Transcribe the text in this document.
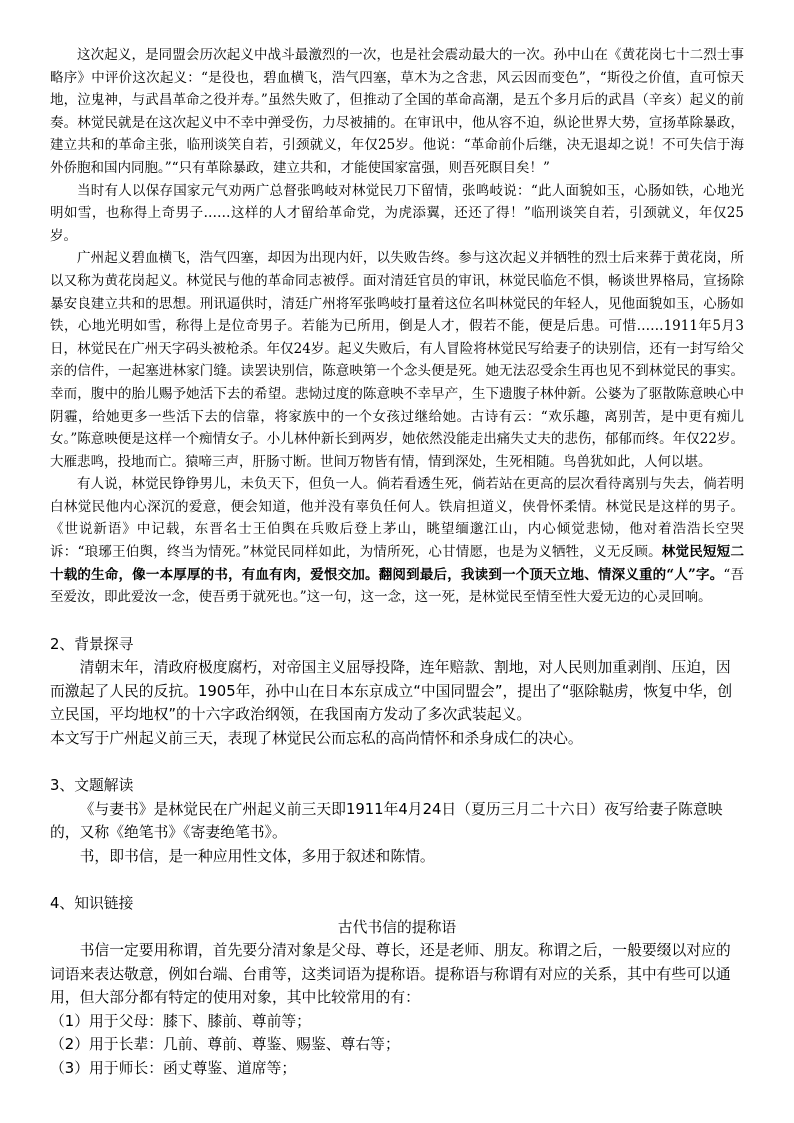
这次起义，是同盟会历次起义中战斗最激烈的一次，也是社会震动最大的一次。孙中山在《黄花岗七十二烈士事略序》中评价这次起义：“是役也，碧血横飞，浩气四塞，草木为之含悲，风云因而变色”，“斯役之价值，直可惊天地，泣鬼神，与武昌革命之役并寿。”虽然失败了，但推动了全国的革命高潮，是五个多月后的武昌（辛亥）起义的前奏。林觉民就是在这次起义中不幸中弹受伤，力尽被捕的。在审讯中，他从容不迫，纵论世界大势，宣扬革除暴政，建立共和的革命主张，临刑谈笑自若，引颈就义，年仅25岁。他说：“革命前仆后继，决无退却之说！不可失信于海外侨胞和国内同胞。”“只有革除暴政，建立共和，才能使国家富强，则吾死瞑目矣！”

当时有人以保存国家元气劝两广总督张鸣岐对林觉民刀下留情，张鸣岐说：“此人面貌如玉，心肠如铁，心地光明如雪，也称得上奇男子……这样的人才留给革命党，为虎添翼，还还了得！”临刑谈笑自若，引颈就义，年仅25岁。

广州起义碧血横飞，浩气四塞，却因为出现内奸，以失败告终。参与这次起义并牺牲的烈士后来葬于黄花岗，所以又称为黄花岗起义。林觉民与他的革命同志被俘。面对清廷官员的审讯，林觉民临危不惧，畅谈世界格局，宣扬除暴安良建立共和的思想。刑讯逼供时，清廷广州将军张鸣岐打量着这位名叫林觉民的年轻人，见他面貌如玉，心肠如铁，心地光明如雪，称得上是位奇男子。若能为已所用，倒是人才，假若不能，便是后患。可惜……1911年5月3日，林觉民在广州天字码头被枪杀。年仅24岁。起义失败后，有人冒险将林觉民写给妻子的诀别信，还有一封写给父亲的信件，一起塞进林家门缝。读罢诀别信，陈意映第一个念头便是死。她无法忍受余生再也见不到林觉民的事实。幸而，腹中的胎儿赐予她活下去的希望。悲恸过度的陈意映不幸早产，生下遗腹子林仲新。公婆为了驱散陈意映心中阴霾，给她更多一些活下去的信靠，将家族中的一个女孩过继给她。古诗有云：“欢乐趣，离别苦，是中更有痴儿女。”陈意映便是这样一个痴情女子。小儿林仲新长到两岁，她依然没能走出痛失丈夫的悲伤，郁郁而终。年仅22岁。大雁悲鸣，投地而亡。猿啼三声，肝肠寸断。世间万物皆有情，情到深处，生死相随。鸟兽犹如此，人何以堪。

有人说，林觉民铮铮男儿，未负天下，但负一人。倘若看透生死，倘若站在更高的层次看待离别与失去，倘若明白林觉民他内心深沉的爱意，便会知道，他并没有辜负任何人。铁肩担道义，侠骨怀柔情。林觉民是这样的男子。《世说新语》中记载，东晋名士王伯舆在兵败后登上茅山，眺望缅邈江山，内心倾觉悲恸，他对着浩浩长空哭诉：“琅琊王伯舆，终当为情死。”林觉民同样如此，为情所死，心甘情愿，也是为义牺牲，义无反顾。林觉民短短二十载的生命，像一本厚厚的书，有血有肉，爱恨交加。翻阅到最后，我读到一个顶天立地、情深义重的“人”字。“吾至爱汝，即此爱汝一念，使吾勇于就死也。”这一句，这一念，这一死，是林觉民至情至性大爱无边的心灵回响。

2、背景探寻

清朝末年，清政府极度腐朽，对帝国主义屈辱投降，连年赔款、割地，对人民则加重剥削、压迫，因而激起了人民的反抗。1905年，孙中山在日本东京成立“中国同盟会”，提出了“驱除鞑虏，恢复中华，创立民国，平均地权”的十六字政治纲领，在我国南方发动了多次武装起义。

本文写于广州起义前三天，表现了林觉民公而忘私的高尚情怀和杀身成仁的决心。

3、文题解读

《与妻书》是林觉民在广州起义前三天即1911年4月24日（夏历三月二十六日）夜写给妻子陈意映的，又称《绝笔书》《寄妻绝笔书》。

书，即书信，是一种应用性文体，多用于叙述和陈情。

4、知识链接

古代书信的提称语

书信一定要用称谓，首先要分清对象是父母、尊长，还是老师、朋友。称谓之后，一般要缀以对应的词语来表达敬意，例如台端、台甫等，这类词语为提称语。提称语与称谓有对应的关系，其中有些可以通用，但大部分都有特定的使用对象，其中比较常用的有：

（1）用于父母：膝下、膝前、尊前等；

（2）用于长辈：几前、尊前、尊鉴、赐鉴、尊右等；

（3）用于师长：函丈尊鉴、道席等；
